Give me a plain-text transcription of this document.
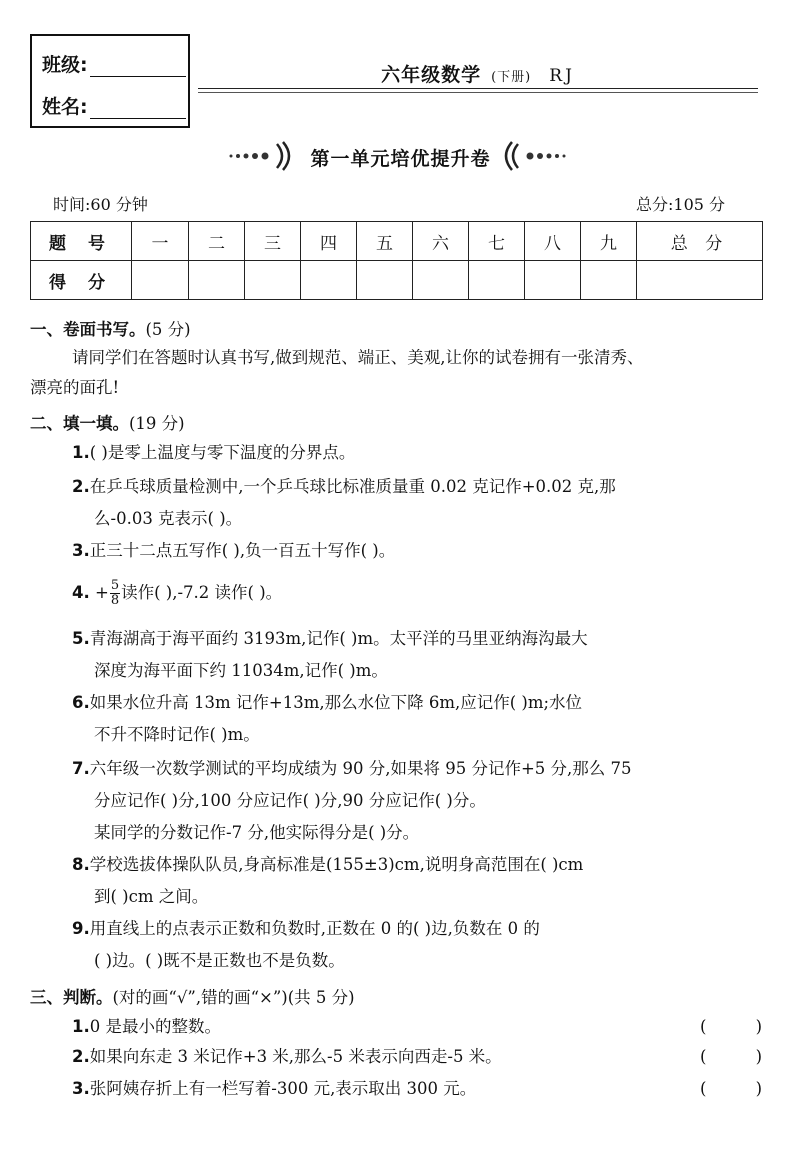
班级:
姓名:
六年级数学 (下册) RJ
第一单元培优提升卷
时间:60 分钟	总分:105 分
题 号	一	二	三	四	五	六	七	八	九	总 分
得 分										
一、卷面书写。(5 分)
请同学们在答题时认真书写,做到规范、端正、美观,让你的试卷拥有一张清秀、
漂亮的面孔!
二、填一填。(19 分)
1.( )是零上温度与零下温度的分界点。
2.在乒乓球质量检测中,一个乒乓球比标准质量重 0.02 克记作+0.02 克,那
么-0.03 克表示( )。
3.正三十二点五写作( ),负一百五十写作( )。
4. + $\frac{5}{8}$ 读作( ),-7.2 读作( )。
5.青海湖高于海平面约 3193m,记作( )m。太平洋的马里亚纳海沟最大
深度为海平面下约 11034m,记作( )m。
6.如果水位升高 13m 记作+13m,那么水位下降 6m,应记作( )m;水位
不升不降时记作( )m。
7.六年级一次数学测试的平均成绩为 90 分,如果将 95 分记作+5 分,那么 75
分应记作( )分,100 分应记作( )分,90 分应记作( )分。
某同学的分数记作-7 分,他实际得分是( )分。
8.学校选拔体操队队员,身高标准是(155±3)cm,说明身高范围在( )cm
到( )cm 之间。
9.用直线上的点表示正数和负数时,正数在 0 的( )边,负数在 0 的
( )边。( )既不是正数也不是负数。
三、判断。(对的画“√”,错的画“×”)(共 5 分)
1.0 是最小的整数。	( )
2.如果向东走 3 米记作+3 米,那么-5 米表示向西走-5 米。	( )
3.张阿姨存折上有一栏写着-300 元,表示取出 300 元。	( )
